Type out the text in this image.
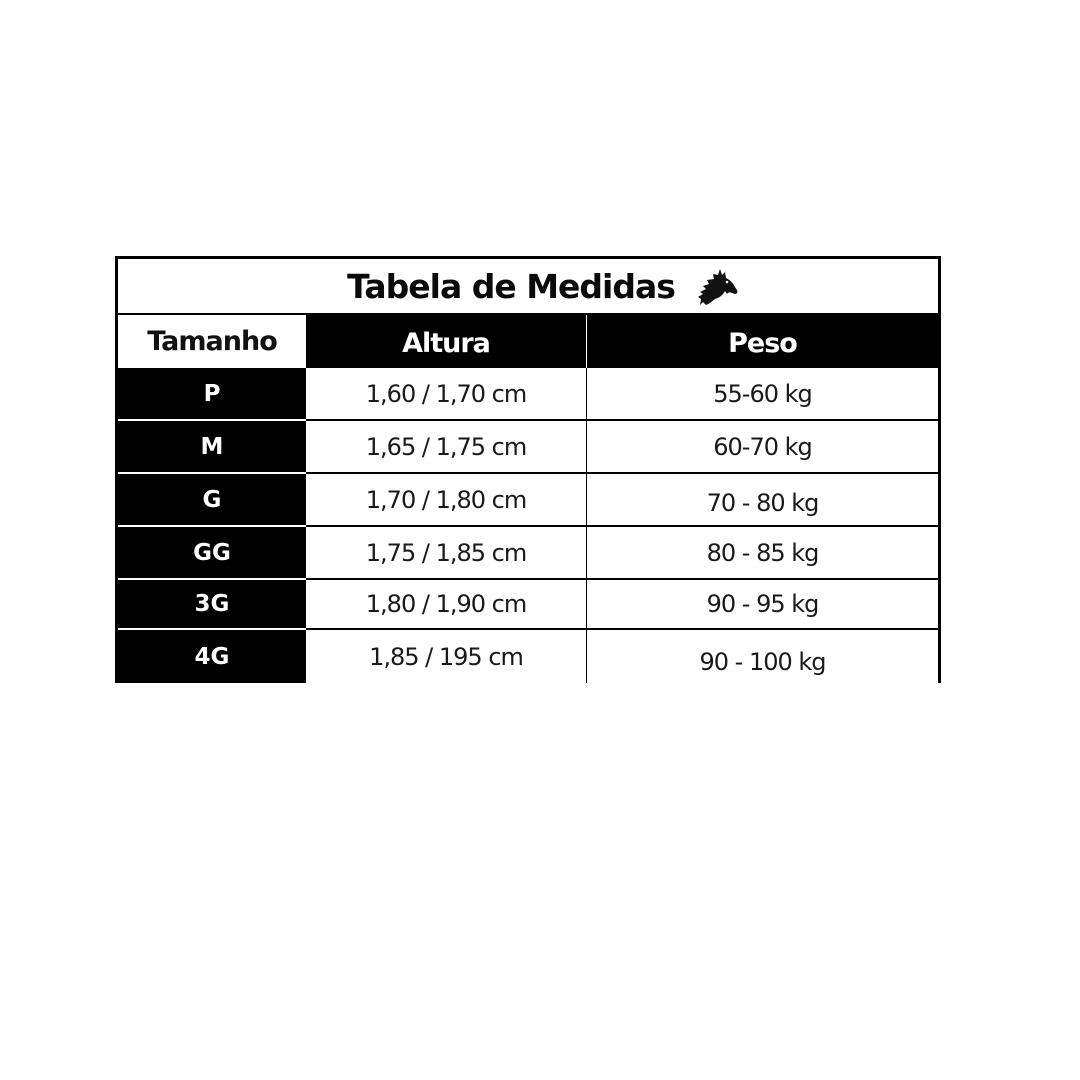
Tabela de Medidas
Tamanho	Altura	Peso
P	1,60 / 1,70 cm	55-60 kg
M	1,65 / 1,75 cm	60-70 kg
G	1,70 / 1,80 cm	70 - 80 kg
GG	1,75 / 1,85 cm	80 - 85 kg
3G	1,80 / 1,90 cm	90 - 95 kg
4G	1,85 / 195 cm	90 - 100 kg
